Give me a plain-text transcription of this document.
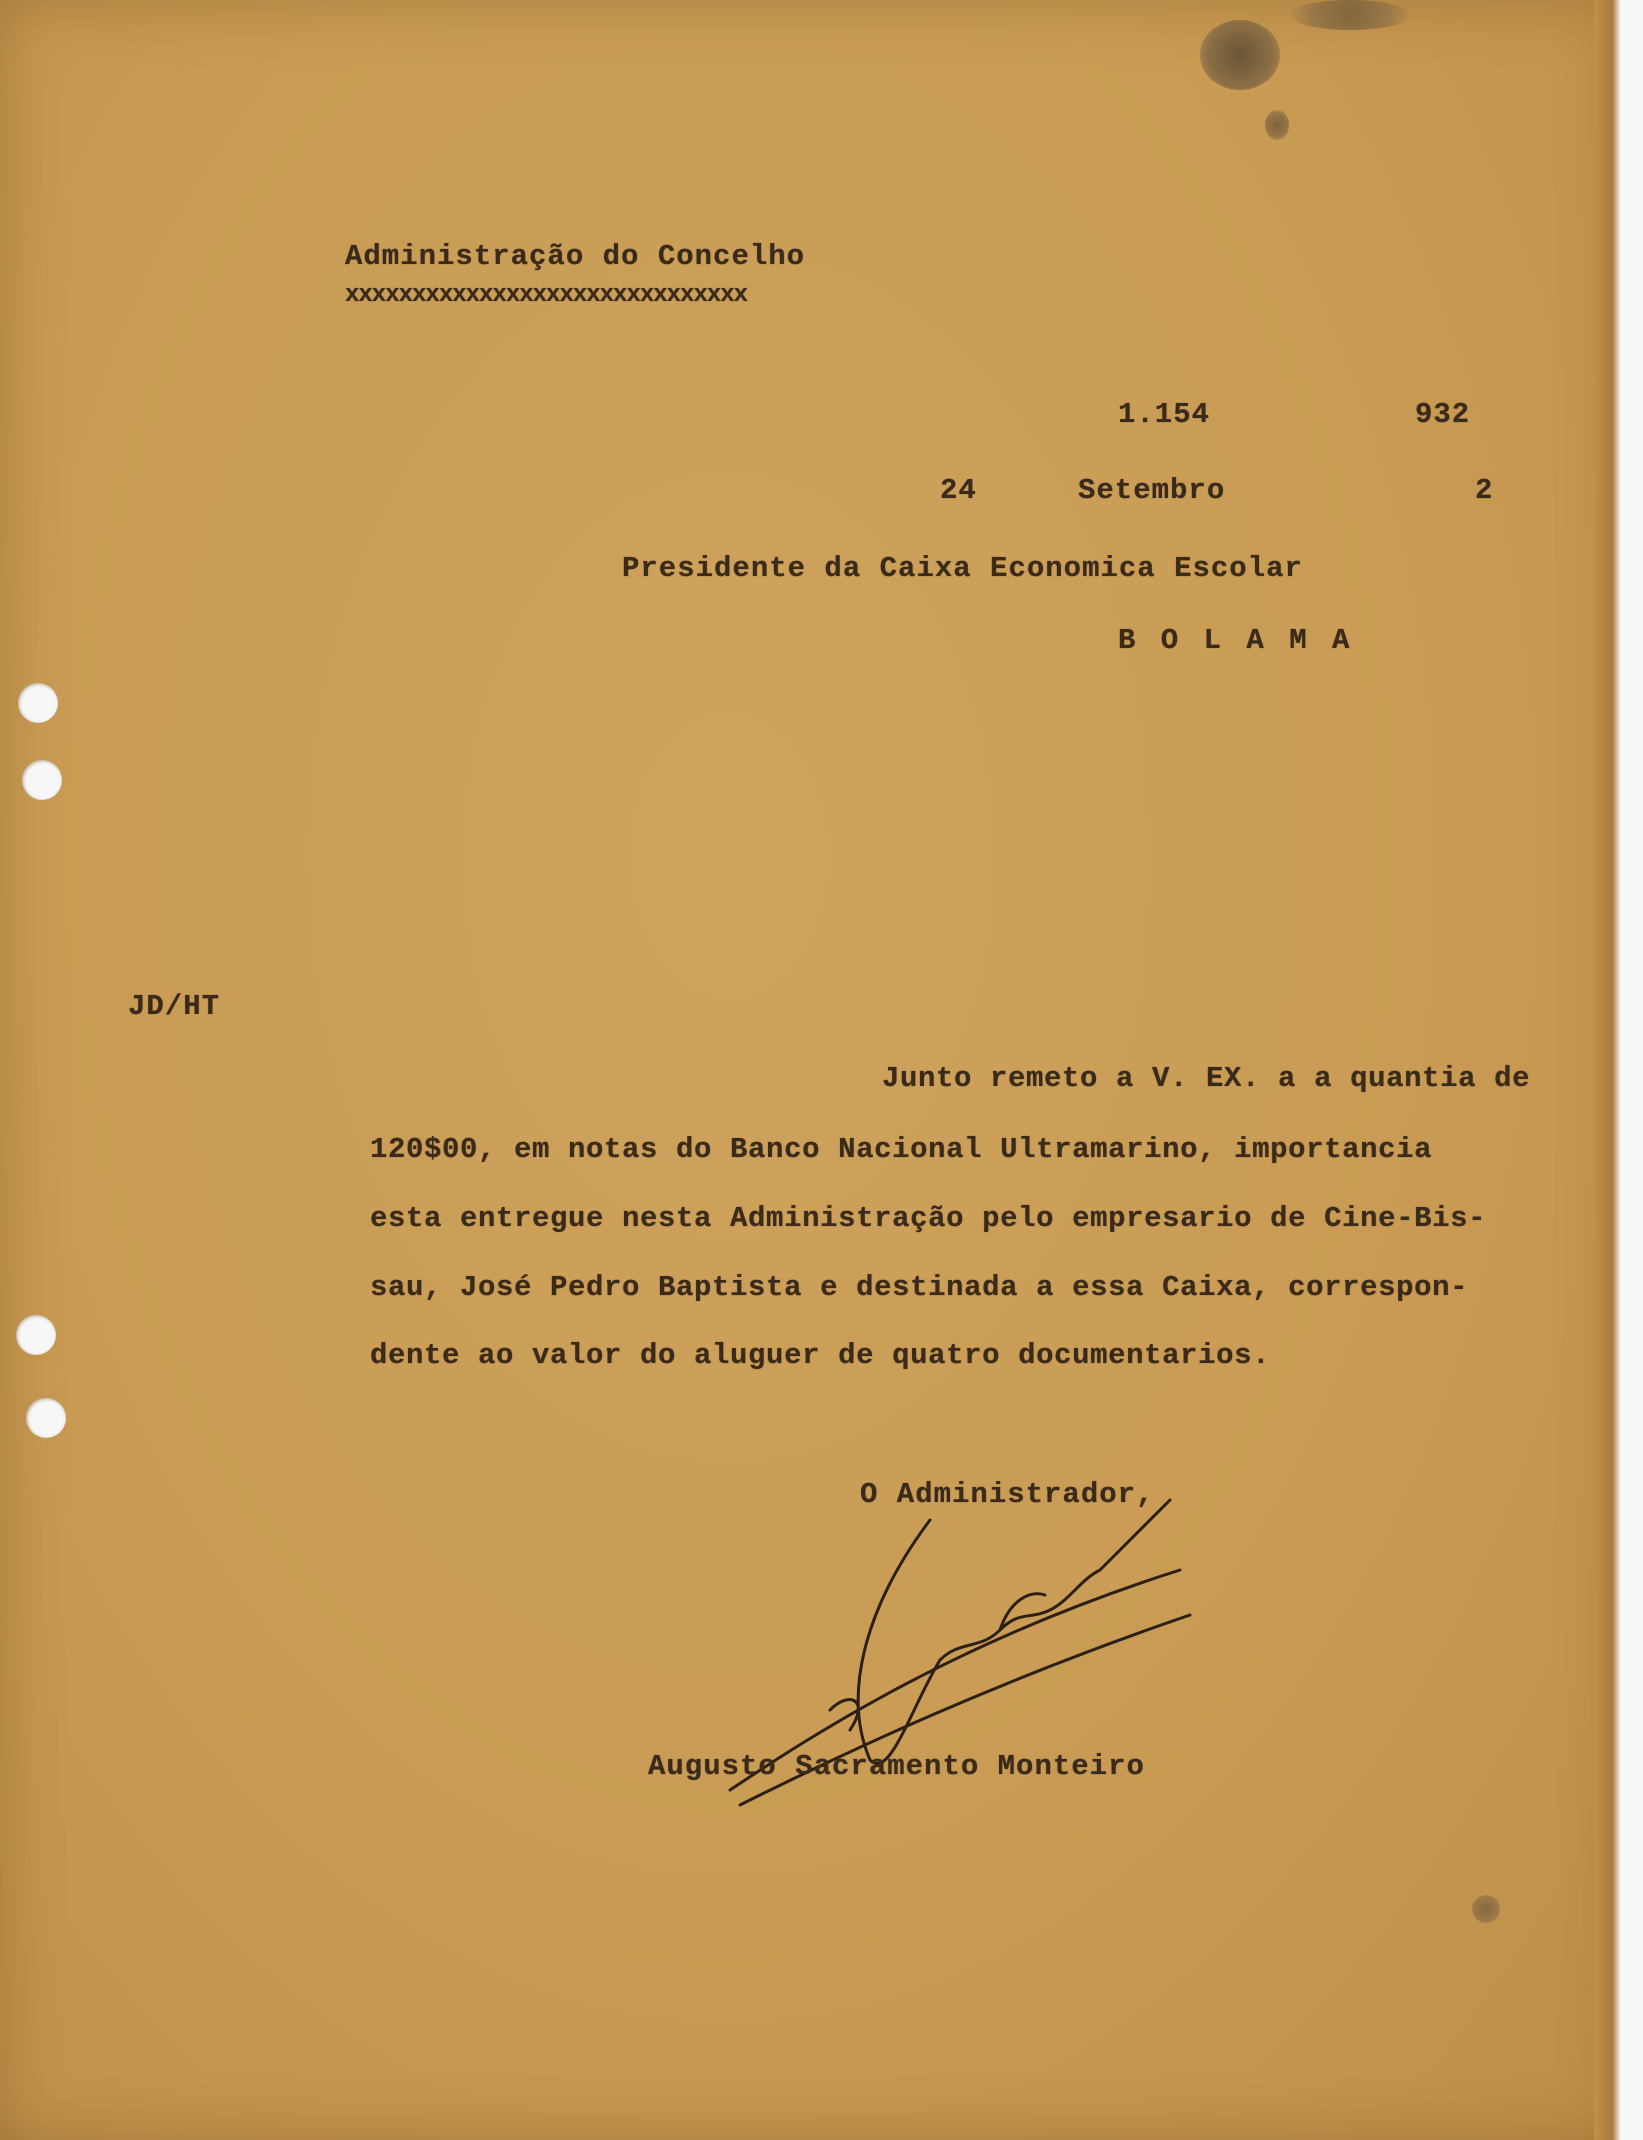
Administração do Concelho

xxxxxxxxxxxxxxxxxxxxxxxxxxxxxx

1.154	932

24	Setembro	2

Presidente da Caixa Economica Escolar

B O L A M A

JD/HT

Junto remeto a V. EX. a a quantia de

120$00, em notas do Banco Nacional Ultramarino, importancia

esta entregue nesta Administração pelo empresario de Cine-Bis-

sau, José Pedro Baptista e destinada a essa Caixa, correspon-

dente ao valor do aluguer de quatro documentarios.

O Administrador,

Augusto Sacramento Monteiro
